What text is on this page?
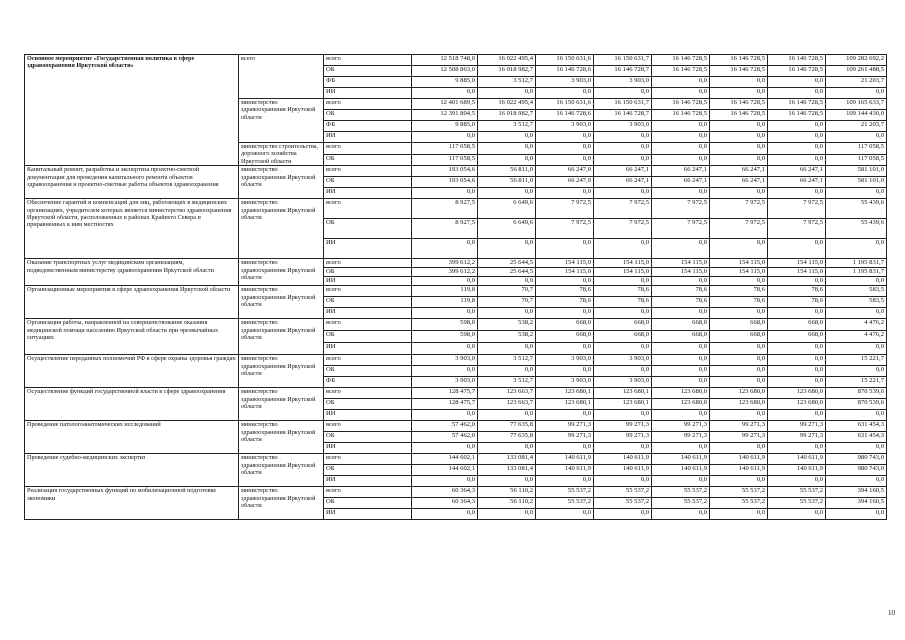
Основное мероприятие «Государственная политика в сфере здравоохранения Иркутской области»	всего	всего	12 518 748,0	16 022 495,4	16 150 631,6	16 150 631,7	16 146 728,5	16 146 728,5	16 146 728,5	109 282 692,2
		ОБ	12 508 863,0	16 018 982,7	16 146 728,6	16 146 728,7	16 146 728,5	16 146 728,5	16 146 728,5	109 261 488,5
		ФБ	9 885,0	3 512,7	3 903,0	3 903,0	0,0	0,0	0,0	21 203,7
		ИИ	0,0	0,0	0,0	0,0	0,0	0,0	0,0	0,0
	министерство здравоохранения Иркутской области	всего	12 401 689,5	16 022 495,4	16 150 631,6	16 150 631,7	16 146 728,5	16 146 728,5	16 146 728,5	109 165 633,7
		ОБ	12 391 804,5	16 018 982,7	16 146 728,6	16 146 728,7	16 146 728,5	16 146 728,5	16 146 728,5	109 144 430,0
		ФБ	9 885,0	3 512,7	3 903,0	3 903,0	0,0	0,0	0,0	21 203,7
		ИИ	0,0	0,0	0,0	0,0	0,0	0,0	0,0	0,0
	министерство строительства, дорожного хозяйства Иркутской области	всего	117 058,5	0,0	0,0	0,0	0,0	0,0	0,0	117 058,5
		ОБ	117 058,5	0,0	0,0	0,0	0,0	0,0	0,0	117 058,5
Капитальный ремонт, разработка и экспертиза проектно-сметной документации для проведения капитального ремонта объектов здравоохранения и проектно-сметные работы объектов здравоохранения	министерство здравоохранения Иркутской области	всего	193 054,6	56 811,0	66 247,0	66 247,1	66 247,1	66 247,1	66 247,1	581 101,0
		ОБ	193 054,6	56 811,0	66 247,0	66 247,1	66 247,1	66 247,1	66 247,1	581 101,0
		ИИ	0,0	0,0	0,0	0,0	0,0	0,0	0,0	0,0
Обеспечение гарантий и компенсаций для лиц, работающих в медицинских организациях, учредителем которых является министерство здравоохранения Иркутской области, расположенных в районах Крайнего Севера и приравненных к ним местностях	министерство здравоохранения Иркутской области	всего	8 927,5	6 649,6	7 972,5	7 972,5	7 972,5	7 972,5	7 972,5	55 439,6
		ОБ	8 927,5	6 649,6	7 972,5	7 972,5	7 972,5	7 972,5	7 972,5	55 439,6
		ИИ	0,0	0,0	0,0	0,0	0,0	0,0	0,0	0,0
Оказание транспортных услуг медицинским организациям, подведомственным министерству здравоохранения Иркутской области	министерство здравоохранения Иркутской области	всего	399 612,2	25 644,5	154 115,0	154 115,0	154 115,0	154 115,0	154 115,0	1 195 831,7
		ОБ	399 612,2	25 644,5	154 115,0	154 115,0	154 115,0	154 115,0	154 115,0	1 195 831,7
		ИИ	0,0	0,0	0,0	0,0	0,0	0,0	0,0	0,0
Организационные мероприятия в сфере здравоохранения Иркутской области	министерство здравоохранения Иркутской области	всего	119,8	70,7	78,6	78,6	78,6	78,6	78,6	583,5
		ОБ	119,8	70,7	78,6	78,6	78,6	78,6	78,6	583,5
		ИИ	0,0	0,0	0,0	0,0	0,0	0,0	0,0	0,0
Организация работы, направленной на совершенствование оказания медицинской помощи населению Иркутской области при чрезвычайных ситуациях	министерство здравоохранения Иркутской области	всего	598,0	538,2	668,0	668,0	668,0	668,0	668,0	4 476,2
		ОБ	598,0	538,2	668,0	668,0	668,0	668,0	668,0	4 476,2
		ИИ	0,0	0,0	0,0	0,0	0,0	0,0	0,0	0,0
Осуществление переданных полномочий РФ в сфере охраны здоровья граждан	министерство здравоохранения Иркутской области	всего	3 903,0	3 512,7	3 903,0	3 903,0	0,0	0,0	0,0	15 221,7
		ОБ	0,0	0,0	0,0	0,0	0,0	0,0	0,0	0,0
		ФБ	3 903,0	3 512,7	3 903,0	3 903,0	0,0	0,0	0,0	15 221,7
Осуществление функций государственной власти в сфере здравоохранения	министерство здравоохранения Иркутской области	всего	128 475,7	123 663,7	123 680,1	123 680,1	123 680,0	123 680,0	123 680,0	870 539,6
		ОБ	128 475,7	123 663,7	123 680,1	123 680,1	123 680,0	123 680,0	123 680,0	870 539,6
		ИИ	0,0	0,0	0,0	0,0	0,0	0,0	0,0	0,0
Проведение патологоанатомических исследований	министерство здравоохранения Иркутской области	всего	57 462,0	77 635,8	99 271,3	99 271,3	99 271,3	99 271,3	99 271,3	631 454,3
		ОБ	57 462,0	77 635,8	99 271,3	99 271,3	99 271,3	99 271,3	99 271,3	631 454,3
		ИИ	0,0	0,0	0,0	0,0	0,0	0,0	0,0	0,0
Проведение судебно-медицинских экспертиз	министерство здравоохранения Иркутской области	всего	144 602,1	133 081,4	140 611,9	140 611,9	140 611,9	140 611,9	140 611,9	980 743,0
		ОБ	144 602,1	133 081,4	140 611,9	140 611,9	140 611,9	140 611,9	140 611,9	980 743,0
		ИИ	0,0	0,0	0,0	0,0	0,0	0,0	0,0	0,0
Реализация государственных функций по мобилизационной подготовке экономики	министерство здравоохранения Иркутской области	всего	60 364,3	56 110,2	55 537,2	55 537,2	55 537,2	55 537,2	55 537,2	394 160,5
		ОБ	60 364,3	56 110,2	55 537,2	55 537,2	55 537,2	55 537,2	55 537,2	394 160,5
		ИИ	0,0	0,0	0,0	0,0	0,0	0,0	0,0	0,0
10
